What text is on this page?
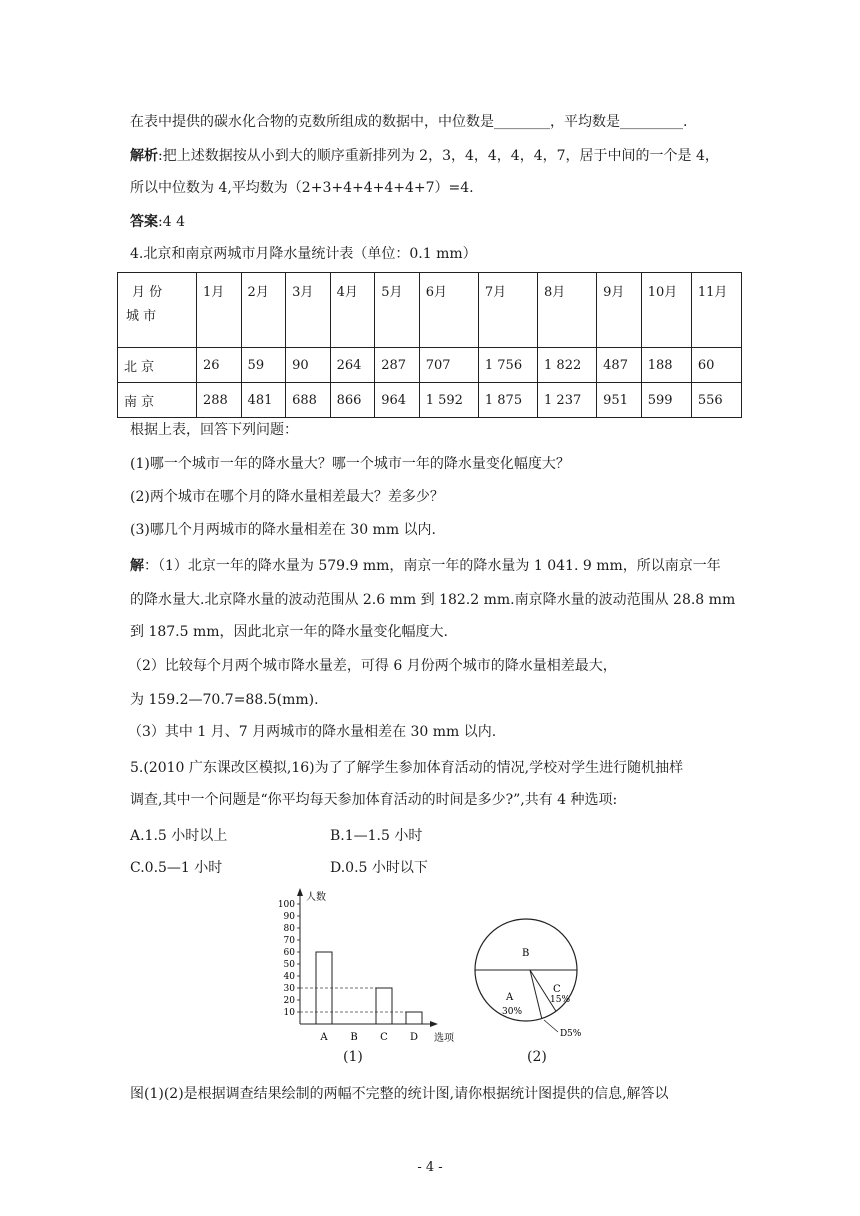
在表中提供的碳水化合物的克数所组成的数据中，中位数是________，平均数是_________.
解析:把上述数据按从小到大的顺序重新排列为 2，3，4，4，4，4，7，居于中间的一个是 4，
所以中位数为 4,平均数为（2+3+4+4+4+4+7）=4.
答案:4 4
4.北京和南京两城市月降水量统计表（单位：0.1 mm）
月 份
城 市	1月	2月	3月	4月	5月	6月	7月	8月	9月	10月	11月
北 京	26	59	90	264	287	707	1 756	1 822	487	188	60
南 京	288	481	688	866	964	1 592	1 875	1 237	951	599	556
根据上表，回答下列问题：
(1)哪一个城市一年的降水量大？哪一个城市一年的降水量变化幅度大？
(2)两个城市在哪个月的降水量相差最大？差多少？
(3)哪几个月两城市的降水量相差在 30 mm 以内.
解：（1）北京一年的降水量为 579.9 mm，南京一年的降水量为 1 041. 9 mm，所以南京一年
的降水量大.北京降水量的波动范围从 2.6 mm 到 182.2 mm.南京降水量的波动范围从 28.8 mm
到 187.5 mm，因此北京一年的降水量变化幅度大.
（2）比较每个月两个城市降水量差，可得 6 月份两个城市的降水量相差最大，
为 159.2—70.7=88.5(mm).
（3）其中 1 月、7 月两城市的降水量相差在 30 mm 以内.
5.(2010 广东课改区模拟,16)为了了解学生参加体育活动的情况,学校对学生进行随机抽样
调查,其中一个问题是“你平均每天参加体育活动的时间是多少?”,共有 4 种选项:
A.1.5 小时以上	B.1—1.5 小时
C.0.5—1 小时	D.0.5 小时以下
人数
选项
10
20
30
40
50
60
70
80
90
100
A B C D
(1)
B
A
30%
C
15%
D 5%
(2)
图(1)(2)是根据调查结果绘制的两幅不完整的统计图,请你根据统计图提供的信息,解答以
- 4 -
